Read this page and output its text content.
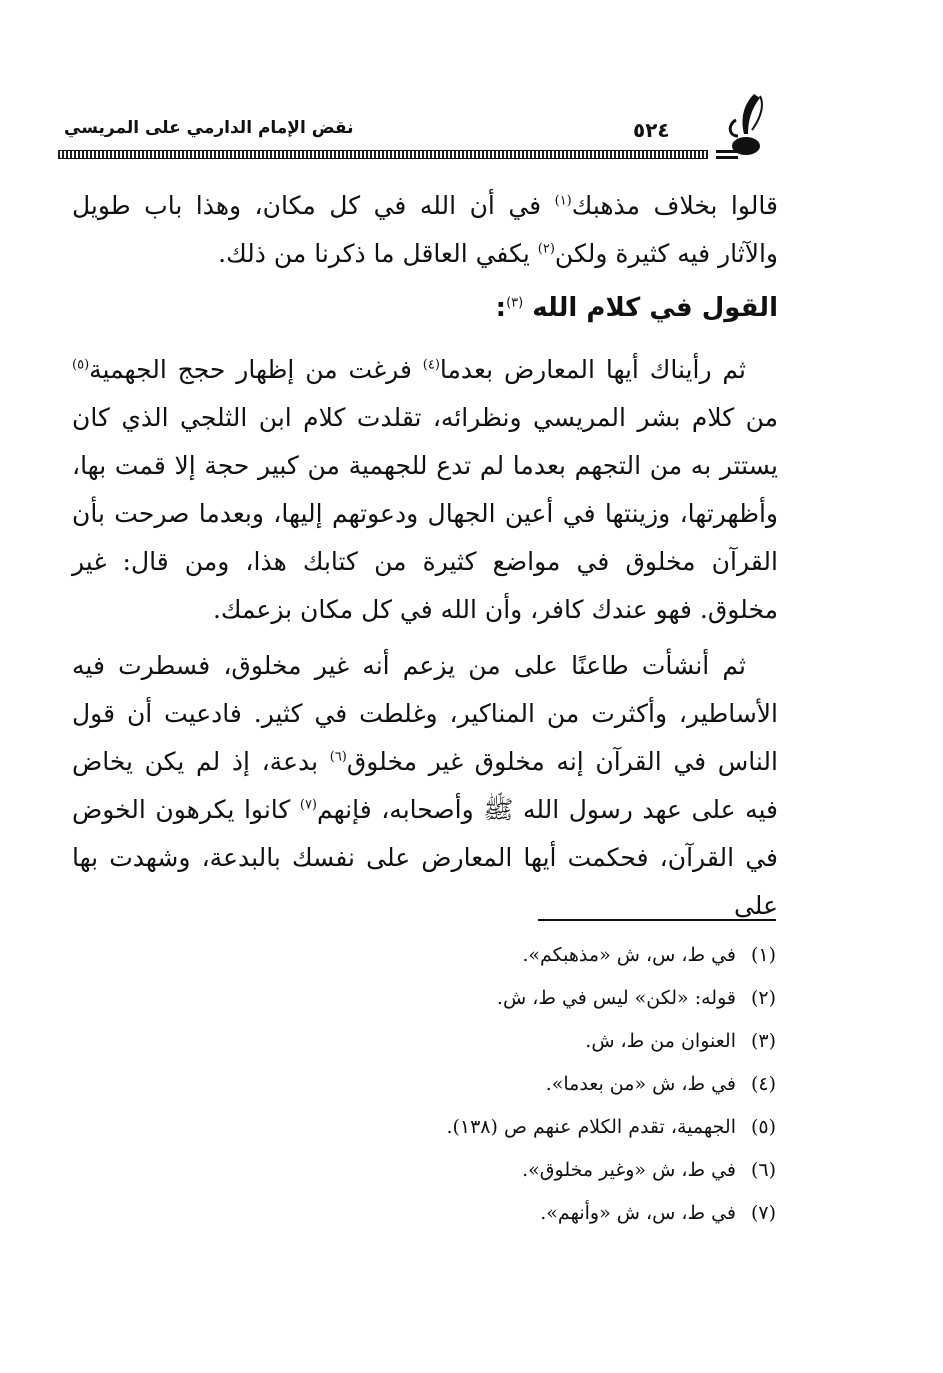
٥٢٤
نقض الإمام الدارمي على المريسي

قالوا بخلاف مذهبك$^{(١)}$ في أن الله في كل مكان، وهذا باب طويل والآثار فيه كثيرة ولكن$^{(٢)}$ يكفي العاقل ما ذكرنا من ذلك.

القول في كلام الله $^{(٣)}$:

ثم رأيناك أيها المعارض بعدما$^{(٤)}$ فرغت من إظهار حجج الجهمية$^{(٥)}$ من كلام بشر المريسي ونظرائه، تقلدت كلام ابن الثلجي الذي كان يستتر به من التجهم بعدما لم تدع للجهمية من كبير حجة إلا قمت بها، وأظهرتها، وزينتها في أعين الجهال ودعوتهم إليها، وبعدما صرحت بأن القرآن مخلوق في مواضع كثيرة من كتابك هذا، ومن قال: غير مخلوق. فهو عندك كافر، وأن الله في كل مكان بزعمك.

ثم أنشأت طاعنًا على من يزعم أنه غير مخلوق، فسطرت فيه الأساطير، وأكثرت من المناكير، وغلطت في كثير. فادعيت أن قول الناس في القرآن إنه مخلوق غير مخلوق$^{(٦)}$ بدعة، إذ لم يكن يخاض فيه على عهد رسول الله ﷺ وأصحابه، فإنهم$^{(٧)}$ كانوا يكرهون الخوض في القرآن، فحكمت أيها المعارض على نفسك بالبدعة، وشهدت بها على

(١)في ط، س، ش «مذهبكم».
(٢)قوله: «لكن» ليس في ط، ش.
(٣)العنوان من ط، ش.
(٤)في ط، ش «من بعدما».
(٥)الجهمية، تقدم الكلام عنهم ص (١٣٨).
(٦)في ط، ش «وغير مخلوق».
(٧)في ط، س، ش «وأنهم».
